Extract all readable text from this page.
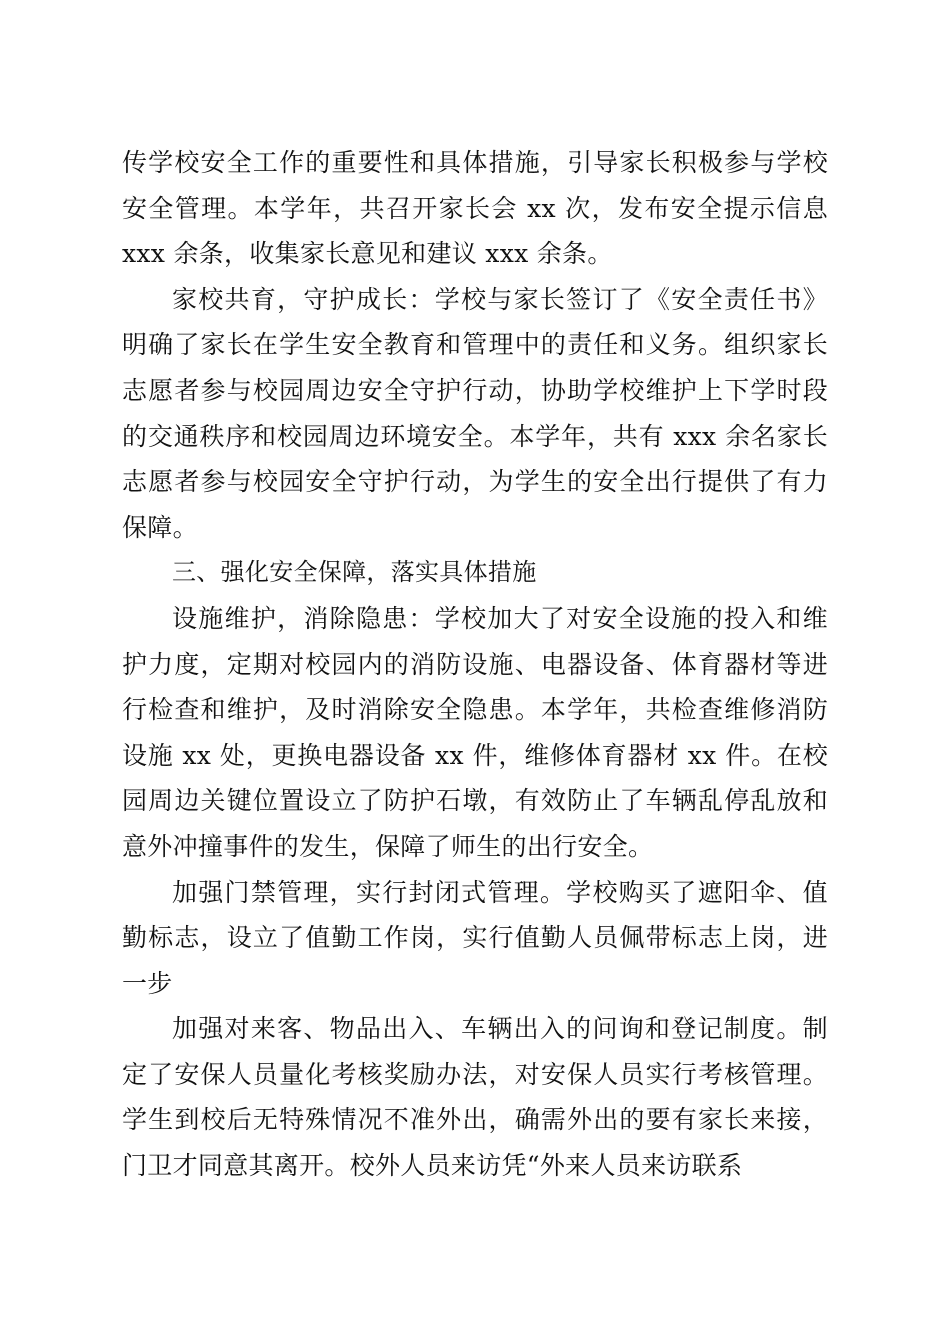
传学校安全工作的重要性和具体措施，引导家长积极参与学校安全管理。本学年，共召开家长会 xx 次，发布安全提示信息 xxx 余条，收集家长意见和建议 xxx 余条。

家校共育，守护成长：学校与家长签订了《安全责任书》明确了家长在学生安全教育和管理中的责任和义务。组织家长志愿者参与校园周边安全守护行动，协助学校维护上下学时段的交通秩序和校园周边环境安全。本学年，共有 xxx 余名家长志愿者参与校园安全守护行动，为学生的安全出行提供了有力保障。

三、强化安全保障，落实具体措施

设施维护，消除隐患：学校加大了对安全设施的投入和维护力度，定期对校园内的消防设施、电器设备、体育器材等进行检查和维护，及时消除安全隐患。本学年，共检查维修消防设施 xx 处，更换电器设备 xx 件，维修体育器材 xx 件。在校园周边关键位置设立了防护石墩，有效防止了车辆乱停乱放和意外冲撞事件的发生，保障了师生的出行安全。

加强门禁管理，实行封闭式管理。学校购买了遮阳伞、值勤标志，设立了值勤工作岗，实行值勤人员佩带标志上岗，进一步

加强对来客、物品出入、车辆出入的问询和登记制度。制定了安保人员量化考核奖励办法，对安保人员实行考核管理。学生到校后无特殊情况不准外出，确需外出的要有家长来接，门卫才同意其离开。校外人员来访凭“外来人员来访联系
